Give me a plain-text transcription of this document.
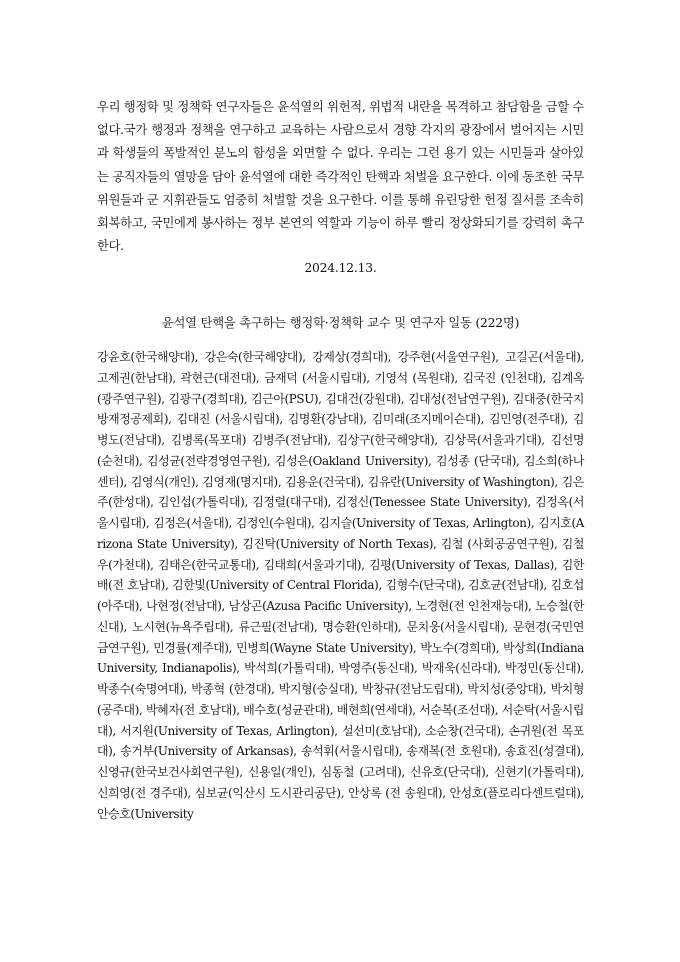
우리 행정학 및 정책학 연구자들은 윤석열의 위헌적, 위법적 내란을 목격하고 참담함을 금할 수 없다.국가 행정과 정책을 연구하고 교육하는 사람으로서 경향 각지의 광장에서 벌어지는 시민과 학생들의 폭발적인 분노의 함성을 외면할 수 없다. 우리는 그런 용기 있는 시민들과 살아있는 공직자들의 열망을 담아 윤석열에 대한 즉각적인 탄핵과 처벌을 요구한다. 이에 동조한 국무위원들과 군 지휘관들도 엄중히 처벌할 것을 요구한다. 이를 통해 유린당한 헌정 질서를 조속히 회복하고, 국민에게 봉사하는 정부 본연의 역할과 기능이 하루 빨리 정상화되기를 강력히 촉구한다.

2024.12.13.

윤석열 탄핵을 촉구하는 행정학·정책학 교수 및 연구자 일동 (222명)

강윤호(한국해양대), 강은숙(한국해양대), 강제상(경희대), 강주현(서울연구원), 고길곤(서울대), 고제권(한남대), 곽현근(대전대), 금재덕 (서울시립대), 기영석 (목원대), 김국진 (인천대), 김계옥(광주연구원), 김광구(경희대), 김근아(PSU), 김대건(강원대), 김대성(전남연구원), 김대중(한국지방재정공제회), 김대진 (서울시립대), 김명환(강남대), 김미래(조지메이슨대), 김민영(전주대), 김병도(전남대), 김병록(목포대) 김병주(전남대), 김상구(한국해양대), 김상묵(서울과기대), 김선명(순천대), 김성균(전략경영연구원), 김성은(Oakland University), 김성종 (단국대), 김소희(하나센터), 김영식(개인), 김영재(명지대), 김용운(건국대), 김유란(University of Washington), 김은주(한성대), 김인섭(가톨릭대), 김정렬(대구대), 김정신(Tenessee State University), 김정옥(서울시립대), 김정은(서울대), 김정인(수원대), 김지슬(University of Texas, Arlington), 김지호(Arizona State University), 김진탁(University of North Texas), 김철 (사회공공연구원), 김철우(가천대), 김태은(한국교통대), 김태희(서울과기대), 김평(University of Texas, Dallas), 김한배(전 호남대), 김한빛(University of Central Florida), 김형수(단국대), 김호균(전남대), 김호섭(아주대), 나현정(전남대), 남상곤(Azusa Pacific University), 노경현(전 인천재능대), 노승철(한신대), 노시현(뉴욕주립대), 류근필(전남대), 명승환(인하대), 문치웅(서울시립대), 문현경(국민연금연구원), 민경률(제주대), 민병희(Wayne State University), 박노수(경희대), 박상희(Indiana University, Indianapolis), 박석희(가톨릭대), 박영주(동신대), 박재욱(신라대), 박정민(동신대), 박종수(숙명여대), 박종혁 (한경대), 박지형(숭실대), 박창규(전남도립대), 박치성(중앙대), 박치형(공주대), 박혜자(전 호남대), 배수호(성균관대), 배현희(연세대), 서순복(조선대), 서순탁(서울시립대), 서지원(University of Texas, Arlington), 설선미(호남대), 소순창(건국대), 손귀원(전 목포대), 송거부(University of Arkansas), 송석휘(서울시립대), 송재복(전 호원대), 송효진(성결대), 신영규(한국보건사회연구원), 신용일(개인), 심동철 (고려대), 신유호(단국대), 신현기(가톨릭대), 신희영(전 경주대), 심보균(익산시 도시관리공단), 안상록 (전 송원대), 안성호(플로리다센트럴대), 안승호(University
